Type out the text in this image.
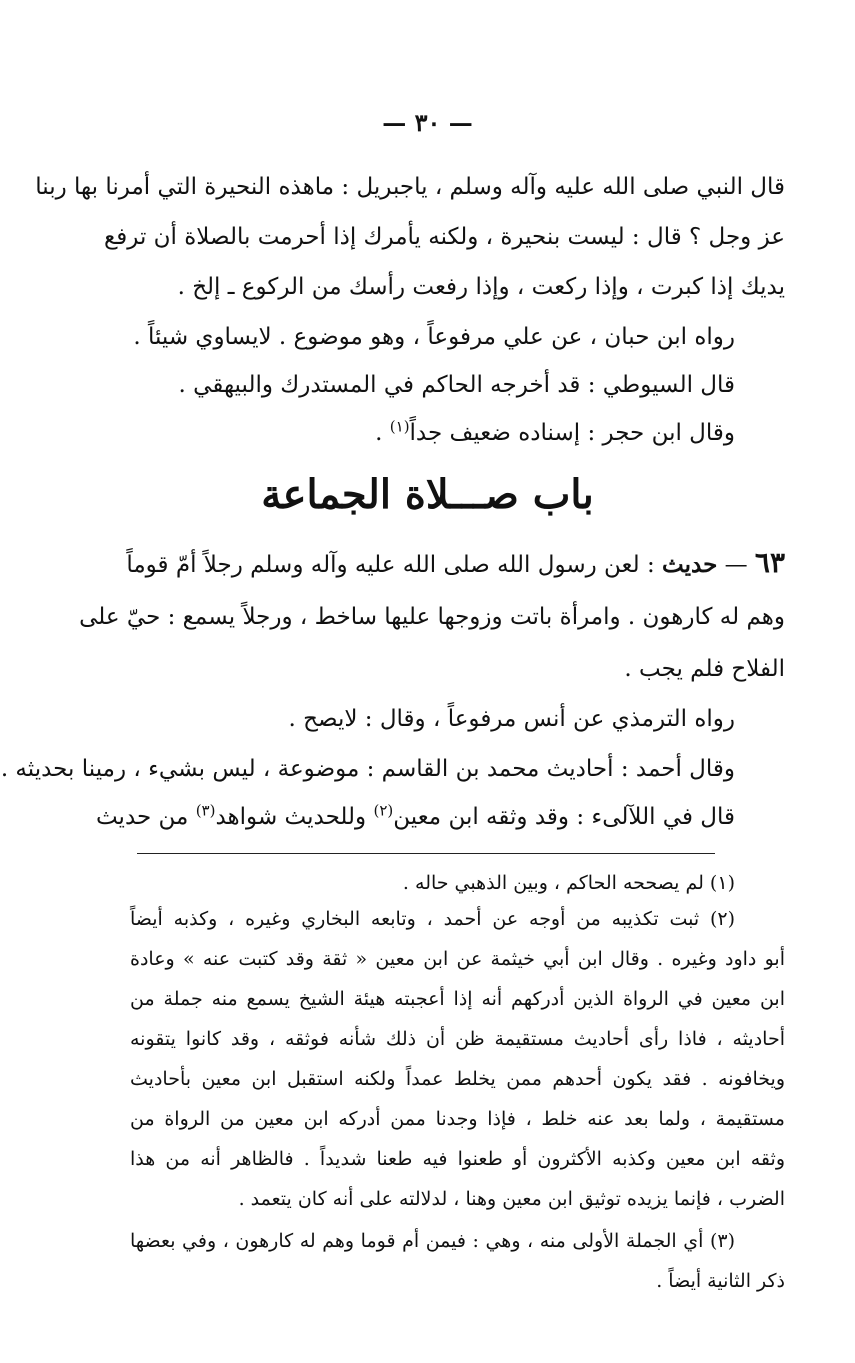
— ٣٠ —
قال النبي صلى الله عليه وآله وسلم ، ياجبريل : ماهذه النحيرة التي أمرنا بها ربنا
عز وجل ؟ قال : ليست بنحيرة ، ولكنه يأمرك إذا أحرمت بالصلاة أن ترفع
يديك إذا كبرت ، وإذا ركعت ، وإذا رفعت رأسك من الركوع ـ إلخ .
رواه ابن حبان ، عن علي مرفوعاً ، وهو موضوع . لايساوي شيئاً .
قال السيوطي : قد أخرجه الحاكم في المستدرك والبيهقي .
وقال ابن حجر : إسناده ضعيف جداً$^{(١)}$ .
باب صـــلاة الجماعة
٦٣ — حديث : لعن رسول الله صلى الله عليه وآله وسلم رجلاً أمّ قوماً
وهم له كارهون . وامرأة باتت وزوجها عليها ساخط ، ورجلاً يسمع : حيّ على
الفلاح فلم يجب .
رواه الترمذي عن أنس مرفوعاً ، وقال : لايصح .
وقال أحمد : أحاديث محمد بن القاسم : موضوعة ، ليس بشيء ، رمينا بحديثه .
قال في اللآلىء : وقد وثقه ابن معين$^{(٢)}$ وللحديث شواهد$^{(٣)}$ من حديث
(١) لم يصححه الحاكم ، وبين الذهبي حاله .
(٢) ثبت تكذيبه من أوجه عن أحمد ، وتابعه البخاري وغيره ، وكذبه أيضاً
أبو داود وغيره . وقال ابن أبي خيثمة عن ابن معين « ثقة وقد كتبت عنه » وعادة
ابن معين في الرواة الذين أدركهم أنه إذا أعجبته هيئة الشيخ يسمع منه جملة من
أحاديثه ، فاذا رأى أحاديث مستقيمة ظن أن ذلك شأنه فوثقه ، وقد كانوا يتقونه
ويخافونه . فقد يكون أحدهم ممن يخلط عمداً ولكنه استقبل ابن معين بأحاديث
مستقيمة ، ولما بعد عنه خلط ، فإذا وجدنا ممن أدركه ابن معين من الرواة من
وثقه ابن معين وكذبه الأكثرون أو طعنوا فيه طعنا شديداً . فالظاهر أنه من هذا
الضرب ، فإنما يزيده توثيق ابن معين وهنا ، لدلالته على أنه كان يتعمد .
(٣) أي الجملة الأولى منه ، وهي : فيمن أم قوما وهم له كارهون ، وفي بعضها
ذكر الثانية أيضاً .
